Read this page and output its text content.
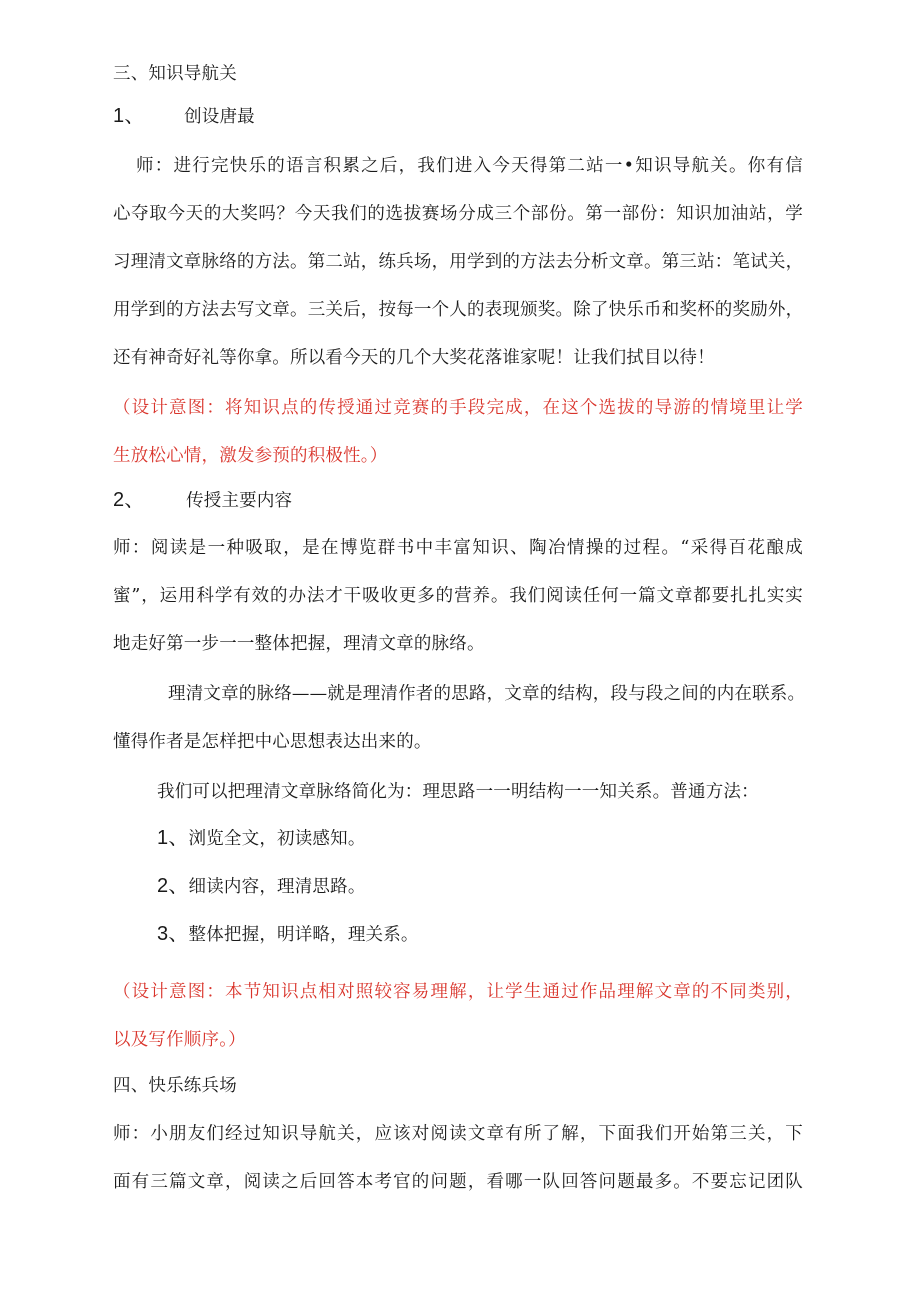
三、知识导航关
1、 创设唐最
师：进行完快乐的语言积累之后，我们进入今天得第二站一•知识导航关。你有信
心夺取今天的大奖吗？今天我们的选拔赛场分成三个部份。第一部份：知识加油站，学
习理清文章脉络的方法。第二站，练兵场，用学到的方法去分析文章。第三站：笔试关，
用学到的方法去写文章。三关后，按每一个人的表现颁奖。除了快乐币和奖杯的奖励外，
还有神奇好礼等你拿。所以看今天的几个大奖花落谁家呢！让我们拭目以待！
（设计意图：将知识点的传授通过竞赛的手段完成，在这个选拔的导游的情境里让学
生放松心情，激发参预的积极性。）
2、 传授主要内容
师：阅读是一种吸取，是在博览群书中丰富知识、陶冶情操的过程。“采得百花酿成
蜜”，运用科学有效的办法才干吸收更多的营养。我们阅读任何一篇文章都要扎扎实实
地走好第一步一一整体把握，理清文章的脉络。
理清文章的脉络——就是理清作者的思路，文章的结构，段与段之间的内在联系。
懂得作者是怎样把中心思想表达出来的。
我们可以把理清文章脉络简化为：理思路一一明结构一一知关系。普通方法：
1、浏览全文，初读感知。
2、细读内容，理清思路。
3、整体把握，明详略，理关系。
（设计意图：本节知识点相对照较容易理解，让学生通过作品理解文章的不同类别，
以及写作顺序。）
四、快乐练兵场
师：小朋友们经过知识导航关，应该对阅读文章有所了解，下面我们开始第三关，下
面有三篇文章，阅读之后回答本考官的问题，看哪一队回答问题最多。不要忘记团队
